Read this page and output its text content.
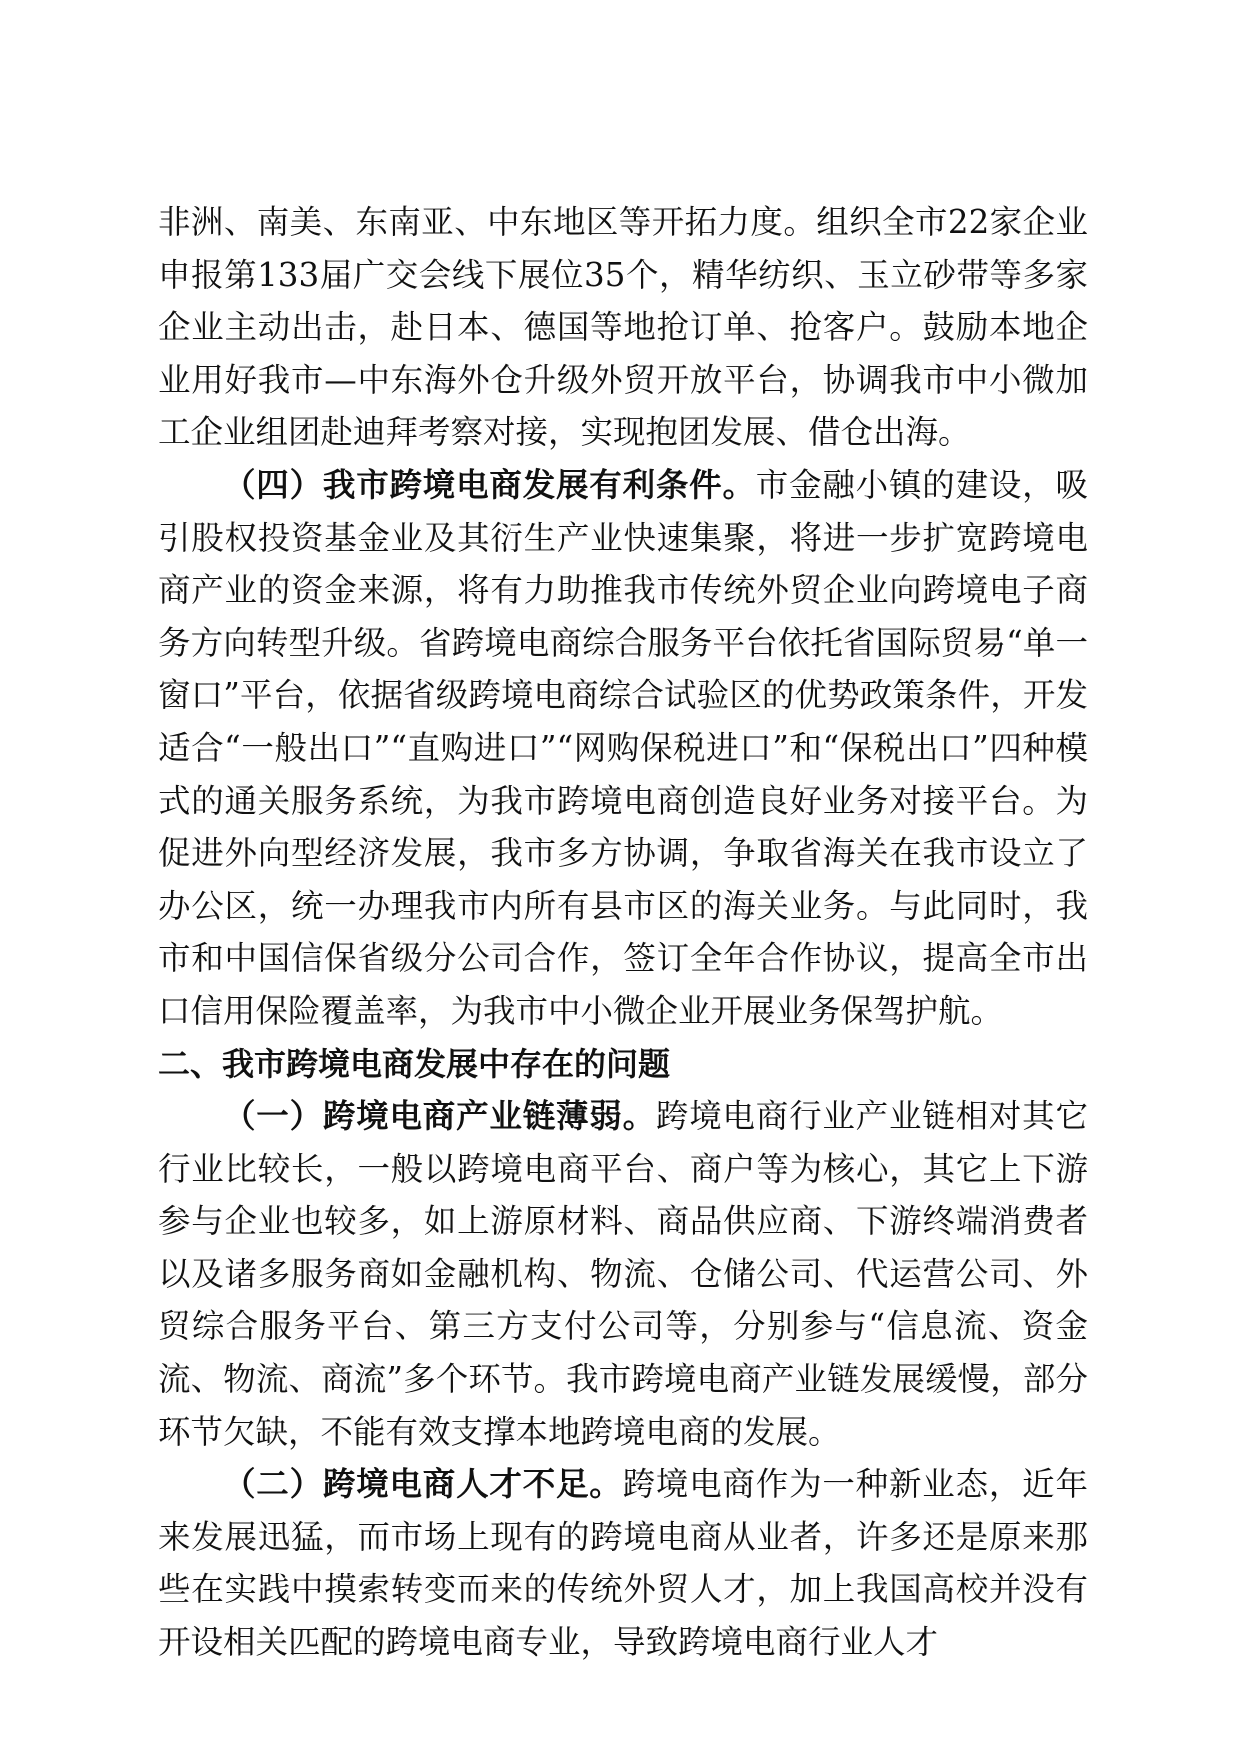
非洲、南美、东南亚、中东地区等开拓力度。组织全市22家企业申报第133届广交会线下展位35个，精华纺织、玉立砂带等多家企业主动出击，赴日本、德国等地抢订单、抢客户。鼓励本地企业用好我市—中东海外仓升级外贸开放平台，协调我市中小微加工企业组团赴迪拜考察对接，实现抱团发展、借仓出海。

（四）我市跨境电商发展有利条件。市金融小镇的建设，吸引股权投资基金业及其衍生产业快速集聚，将进一步扩宽跨境电商产业的资金来源，将有力助推我市传统外贸企业向跨境电子商务方向转型升级。省跨境电商综合服务平台依托省国际贸易“单一窗口”平台，依据省级跨境电商综合试验区的优势政策条件，开发适合“一般出口”“直购进口”“网购保税进口”和“保税出口”四种模式的通关服务系统，为我市跨境电商创造良好业务对接平台。为促进外向型经济发展，我市多方协调，争取省海关在我市设立了办公区，统一办理我市内所有县市区的海关业务。与此同时，我市和中国信保省级分公司合作，签订全年合作协议，提高全市出口信用保险覆盖率，为我市中小微企业开展业务保驾护航。

二、我市跨境电商发展中存在的问题

（一）跨境电商产业链薄弱。跨境电商行业产业链相对其它行业比较长，一般以跨境电商平台、商户等为核心，其它上下游参与企业也较多，如上游原材料、商品供应商、下游终端消费者以及诸多服务商如金融机构、物流、仓储公司、代运营公司、外贸综合服务平台、第三方支付公司等，分别参与“信息流、资金流、物流、商流”多个环节。我市跨境电商产业链发展缓慢，部分环节欠缺，不能有效支撑本地跨境电商的发展。

（二）跨境电商人才不足。跨境电商作为一种新业态，近年来发展迅猛，而市场上现有的跨境电商从业者，许多还是原来那些在实践中摸索转变而来的传统外贸人才，加上我国高校并没有开设相关匹配的跨境电商专业，导致跨境电商行业人才
